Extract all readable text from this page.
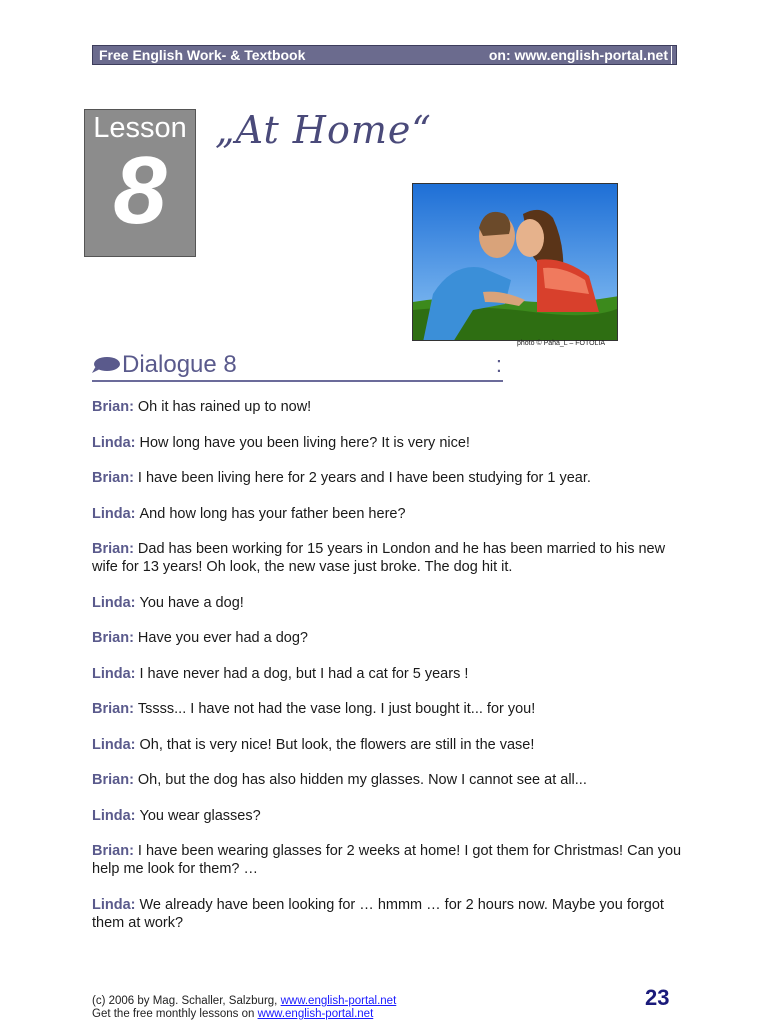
Free English Work- & Textbook	on: www.english-portal.net
Lesson
8
„At Home“
photo © Paha_L – FOTOLIA
Dialogue 8	:

Brian: Oh it has rained up to now!

Linda: How long have you been living here? It is very nice!

Brian: I have been living here for 2 years and I have been studying for 1 year.

Linda: And how long has your father been here?

Brian: Dad has been working for 15 years in London and he has been married to his new wife for 13 years! Oh look, the new vase just broke. The dog hit it.

Linda: You have a dog!

Brian: Have you ever had a dog?

Linda: I have never had a dog, but I had a cat for 5 years !

Brian: Tssss... I have not had the vase long. I just bought it... for you!

Linda: Oh, that is very nice! But look, the flowers are still in the vase!

Brian: Oh, but the dog has also hidden my glasses. Now I cannot see at all...

Linda: You wear glasses?

Brian: I have been wearing glasses for 2 weeks at home! I got them for Christmas! Can you help me look for them? …

Linda: We already have been looking for … hmmm … for 2 hours now. Maybe you forgot them at work?

(c) 2006 by Mag. Schaller, Salzburg, www.english-portal.net
Get the free monthly lessons on www.english-portal.net
23
